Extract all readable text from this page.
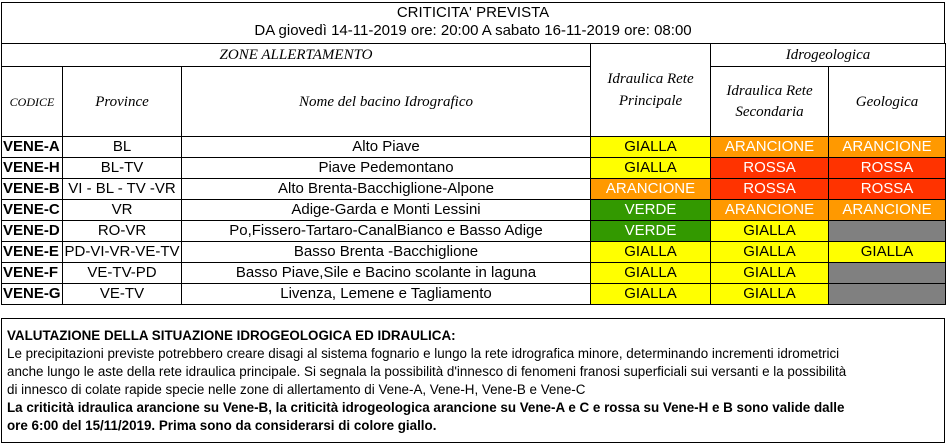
CRITICITA' PREVISTA
DA giovedì 14-11-2019 ore: 20:00 A sabato 16-11-2019 ore: 08:00
ZONE ALLERTAMENTO			Idraulica Rete Principale	Idrogeologica	
CODICE	Province	Nome del bacino Idrografico		Idraulica Rete Secondaria	Geologica
VENE-A	BL	Alto Piave	GIALLA	ARANCIONE	ARANCIONE
VENE-H	BL-TV	Piave Pedemontano	GIALLA	ROSSA	ROSSA
VENE-B	VI - BL - TV -VR	Alto Brenta-Bacchiglione-Alpone	ARANCIONE	ROSSA	ROSSA
VENE-C	VR	Adige-Garda e Monti Lessini	VERDE	ARANCIONE	ARANCIONE
VENE-D	RO-VR	Po,Fissero-Tartaro-CanalBianco e Basso Adige	VERDE	GIALLA	
VENE-E	PD-VI-VR-VE-TV	Basso Brenta -Bacchiglione	GIALLA	GIALLA	GIALLA
VENE-F	VE-TV-PD	Basso Piave,Sile e Bacino scolante in laguna	GIALLA	GIALLA	
VENE-G	VE-TV	Livenza, Lemene e Tagliamento	GIALLA	GIALLA	
VALUTAZIONE DELLA SITUAZIONE IDROGEOLOGICA ED IDRAULICA:
Le precipitazioni previste potrebbero creare disagi al sistema fognario e lungo la rete idrografica minore, determinando incrementi idrometrici
anche lungo le aste della rete idraulica principale. Si segnala la possibilità d'innesco di fenomeni franosi superficiali sui versanti e la possibilità
di innesco di colate rapide specie nelle zone di allertamento di Vene-A, Vene-H, Vene-B e Vene-C
La criticità idraulica arancione su Vene-B, la criticità idrogeologica arancione su Vene-A e C e rossa su Vene-H e B sono valide dalle
ore 6:00 del 15/11/2019. Prima sono da considerarsi di colore giallo.
